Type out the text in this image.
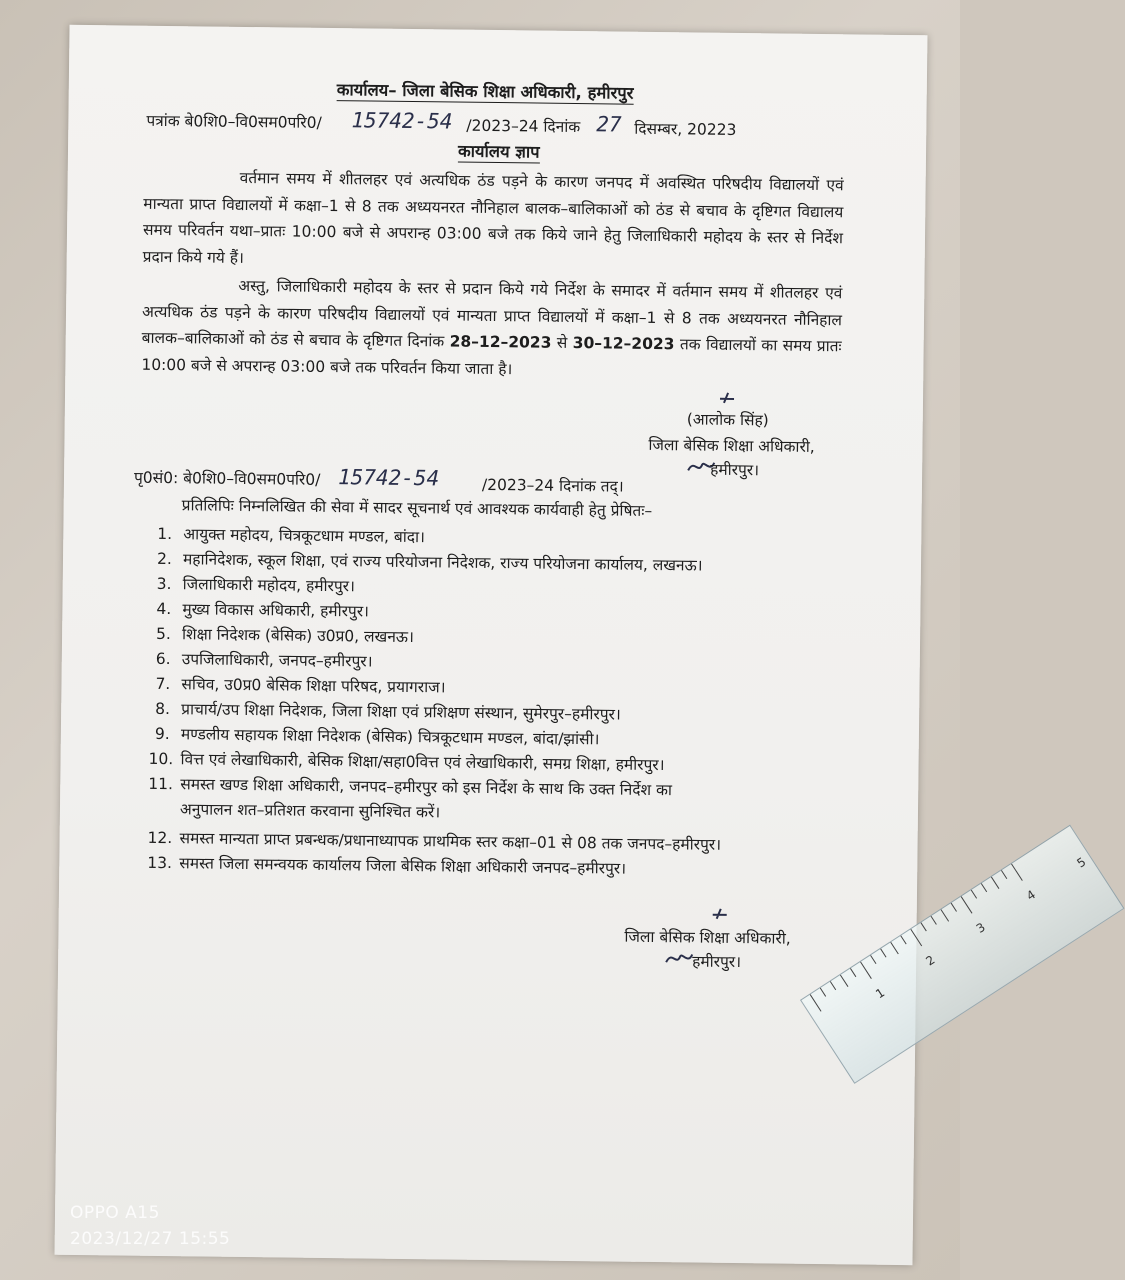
कार्यालय– जिला बेसिक शिक्षा अधिकारी, हमीरपुर
पत्रांक बे0शि0–वि0सम0परि0/ 15742-54 /2023–24 दिनांक 27 दिसम्बर, 20223
कार्यालय ज्ञाप
वर्तमान समय में शीतलहर एवं अत्यधिक ठंड पड़ने के कारण जनपद में अवस्थित परिषदीय विद्यालयों एवं मान्यता प्राप्त विद्यालयों में कक्षा–1 से 8 तक अध्ययनरत नौनिहाल बालक–बालिकाओं को ठंड से बचाव के दृष्टिगत विद्यालय समय परिवर्तन यथा–प्रातः 10:00 बजे से अपरान्ह 03:00 बजे तक किये जाने हेतु जिलाधिकारी महोदय के स्तर से निर्देश प्रदान किये गये हैं।
अस्तु, जिलाधिकारी महोदय के स्तर से प्रदान किये गये निर्देश के समादर में वर्तमान समय में शीतलहर एवं अत्यधिक ठंड पड़ने के कारण परिषदीय विद्यालयों एवं मान्यता प्राप्त विद्यालयों में कक्षा–1 से 8 तक अध्ययनरत नौनिहाल बालक–बालिकाओं को ठंड से बचाव के दृष्टिगत दिनांक 28–12–2023 से 30–12–2023 तक विद्यालयों का समय प्रातः 10:00 बजे से अपरान्ह 03:00 बजे तक परिवर्तन किया जाता है।
(आलोक सिंह)
जिला बेसिक शिक्षा अधिकारी,
हमीरपुर।
पृ0सं0: बे0शि0–वि0सम0परि0/ 15742-54	/2023–24 दिनांक तद्।
प्रतिलिपिः निम्नलिखित की सेवा में सादर सूचनार्थ एवं आवश्यक कार्यवाही हेतु प्रेषितः–
1. आयुक्त महोदय, चित्रकूटधाम मण्डल, बांदा।
2. महानिदेशक, स्कूल शिक्षा, एवं राज्य परियोजना निदेशक, राज्य परियोजना कार्यालय, लखनऊ।
3. जिलाधिकारी महोदय, हमीरपुर।
4. मुख्य विकास अधिकारी, हमीरपुर।
5. शिक्षा निदेशक (बेसिक) उ0प्र0, लखनऊ।
6. उपजिलाधिकारी, जनपद–हमीरपुर।
7. सचिव, उ0प्र0 बेसिक शिक्षा परिषद, प्रयागराज।
8. प्राचार्य/उप शिक्षा निदेशक, जिला शिक्षा एवं प्रशिक्षण संस्थान, सुमेरपुर–हमीरपुर।
9. मण्डलीय सहायक शिक्षा निदेशक (बेसिक) चित्रकूटधाम मण्डल, बांदा/झांसी।
10. वित्त एवं लेखाधिकारी, बेसिक शिक्षा/सहा0वित्त एवं लेखाधिकारी, समग्र शिक्षा, हमीरपुर।
11. समस्त खण्ड शिक्षा अधिकारी, जनपद–हमीरपुर को इस निर्देश के साथ कि उक्त निर्देश का
अनुपालन शत–प्रतिशत करवाना सुनिश्चित करें।
12. समस्त मान्यता प्राप्त प्रबन्धक/प्रधानाध्यापक प्राथमिक स्तर कक्षा–01 से 08 तक जनपद–हमीरपुर।
13. समस्त जिला समन्वयक कार्यालय जिला बेसिक शिक्षा अधिकारी जनपद–हमीरपुर।
जिला बेसिक शिक्षा अधिकारी,
हमीरपुर।
1
2
3
4
5
OPPO A15
2023/12/27 15:55
